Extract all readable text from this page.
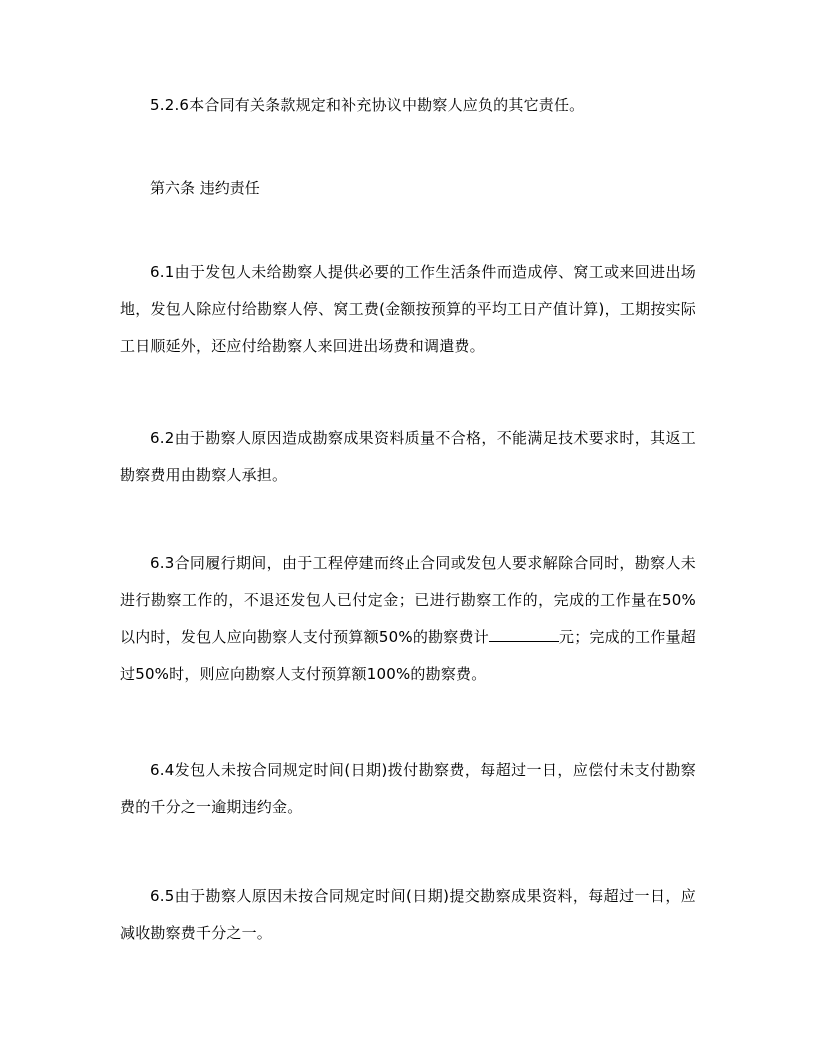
5.2.6本合同有关条款规定和补充协议中勘察人应负的其它责任。

第六条 违约责任

6.1由于发包人未给勘察人提供必要的工作生活条件而造成停、窝工或来回进出场地，发包人除应付给勘察人停、窝工费(金额按预算的平均工日产值计算)，工期按实际工日顺延外，还应付给勘察人来回进出场费和调遣费。

6.2由于勘察人原因造成勘察成果资料质量不合格，不能满足技术要求时，其返工勘察费用由勘察人承担。

6.3合同履行期间，由于工程停建而终止合同或发包人要求解除合同时，勘察人未进行勘察工作的，不退还发包人已付定金；已进行勘察工作的，完成的工作量在50%以内时，发包人应向勘察人支付预算额50%的勘察费计	元；完成的工作量超过50%时，则应向勘察人支付预算额100%的勘察费。

6.4发包人未按合同规定时间(日期)拨付勘察费，每超过一日，应偿付未支付勘察费的千分之一逾期违约金。

6.5由于勘察人原因未按合同规定时间(日期)提交勘察成果资料，每超过一日，应减收勘察费千分之一。
